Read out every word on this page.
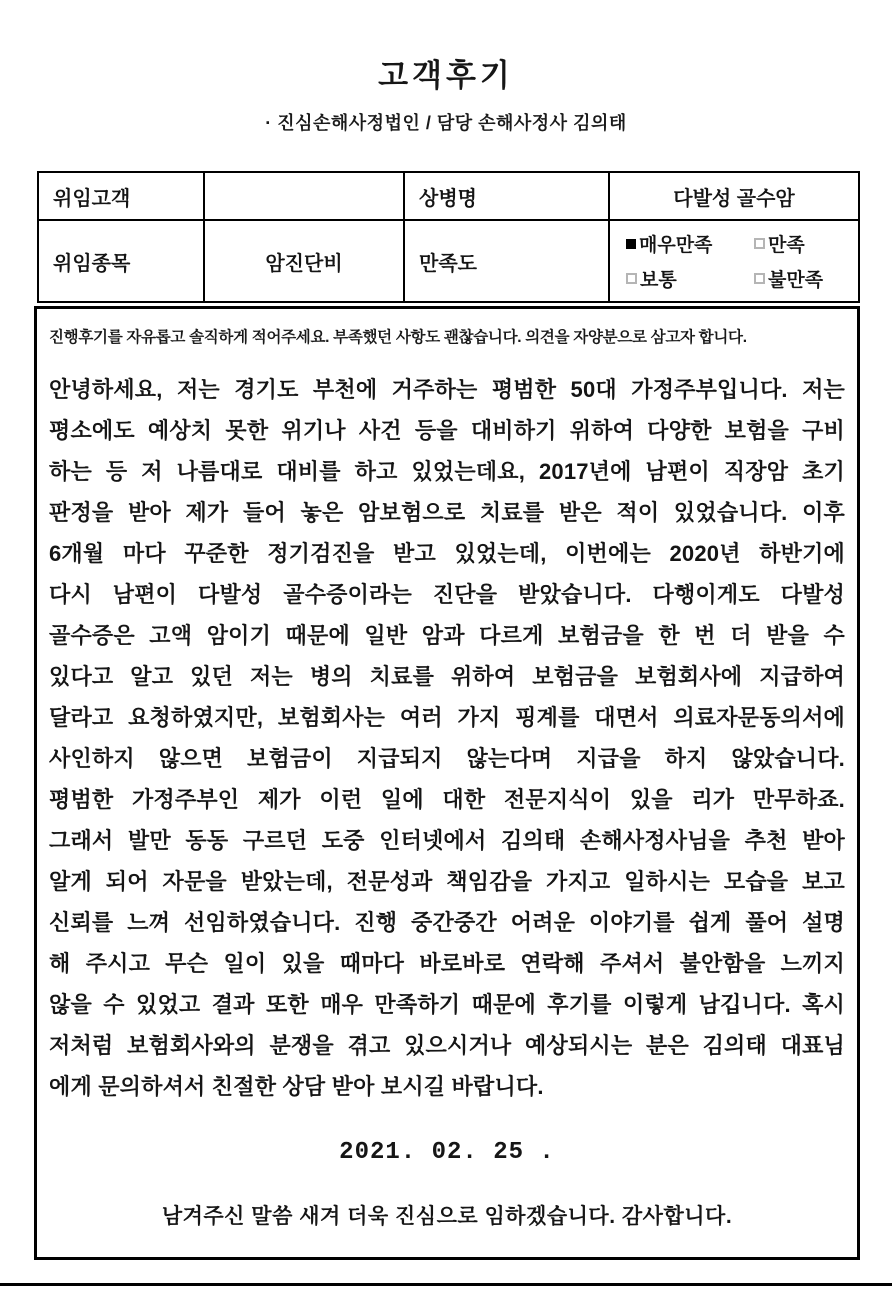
고객후기
· 진심손해사정법인 / 담당 손해사정사 김의태
위임고객		상병명	다발성 골수암
위임종목	암진단비	만족도	매우만족 만족
보통 불만족
진행후기를 자유롭고 솔직하게 적어주세요. 부족했던 사항도 괜찮습니다. 의견을 자양분으로 삼고자 합니다.
안녕하세요, 저는 경기도 부천에 거주하는 평범한 50대 가정주부입니다. 저는
평소에도 예상치 못한 위기나 사건 등을 대비하기 위하여 다양한 보험을 구비
하는 등 저 나름대로 대비를 하고 있었는데요, 2017년에 남편이 직장암 초기
판정을 받아 제가 들어 놓은 암보험으로 치료를 받은 적이 있었습니다. 이후
6개월 마다 꾸준한 정기검진을 받고 있었는데, 이번에는 2020년 하반기에
다시 남편이 다발성 골수증이라는 진단을 받았습니다. 다행이게도 다발성
골수증은 고액 암이기 때문에 일반 암과 다르게 보험금을 한 번 더 받을 수
있다고 알고 있던 저는 병의 치료를 위하여 보험금을 보험회사에 지급하여
달라고 요청하였지만, 보험회사는 여러 가지 핑계를 대면서 의료자문동의서에
사인하지 않으면 보험금이 지급되지 않는다며 지급을 하지 않았습니다.
평범한 가정주부인 제가 이런 일에 대한 전문지식이 있을 리가 만무하죠.
그래서 발만 동동 구르던 도중 인터넷에서 김의태 손해사정사님을 추천 받아
알게 되어 자문을 받았는데, 전문성과 책임감을 가지고 일하시는 모습을 보고
신뢰를 느껴 선임하였습니다. 진행 중간중간 어려운 이야기를 쉽게 풀어 설명
해 주시고 무슨 일이 있을 때마다 바로바로 연락해 주셔서 불안함을 느끼지
않을 수 있었고 결과 또한 매우 만족하기 때문에 후기를 이렇게 남깁니다. 혹시
저처럼 보험회사와의 분쟁을 겪고 있으시거나 예상되시는 분은 김의태 대표님
에게 문의하셔서 친절한 상담 받아 보시길 바랍니다.
2021. 02. 25 .
남겨주신 말씀 새겨 더욱 진심으로 임하겠습니다. 감사합니다.
